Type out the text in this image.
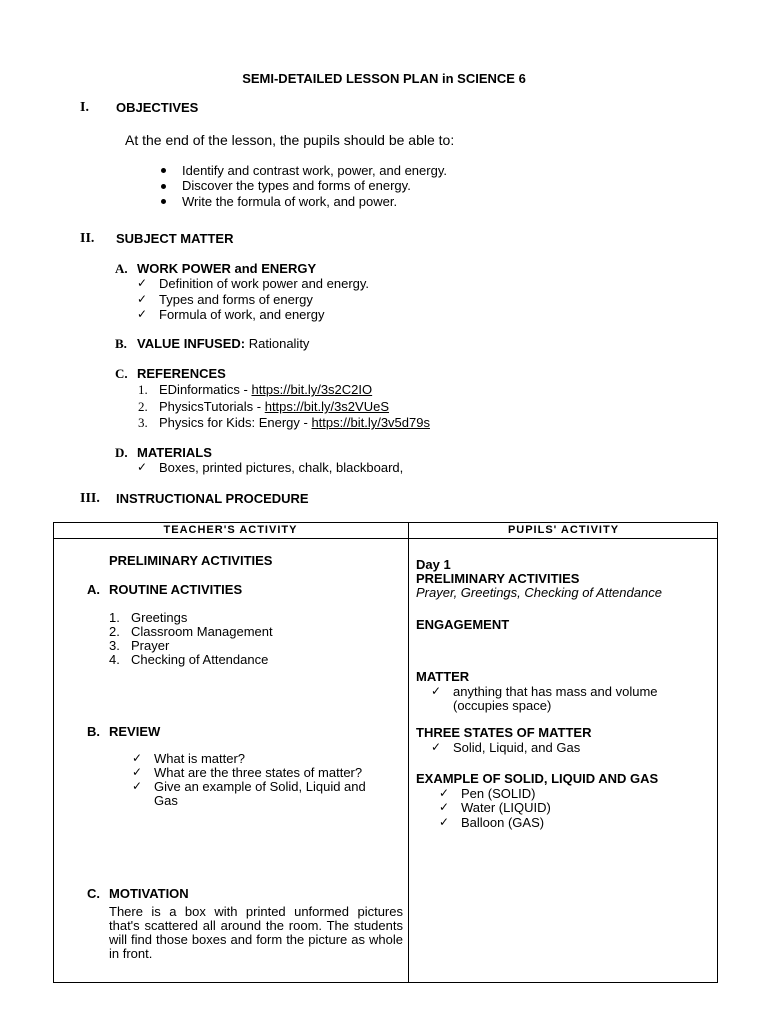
SEMI-DETAILED LESSON PLAN in SCIENCE 6
I. OBJECTIVES
At the end of the lesson, the pupils should be able to:
Identify and contrast work, power, and energy.
Discover the types and forms of energy.
Write the formula of work, and power.
II. SUBJECT MATTER
A. WORK POWER and ENERGY
✓ Definition of work power and energy.
✓ Types and forms of energy
✓ Formula of work, and energy
B. VALUE INFUSED: Rationality
C. REFERENCES
1. EDinformatics - https://bit.ly/3s2C2IO
2. PhysicsTutorials - https://bit.ly/3s2VUeS
3. Physics for Kids: Energy - https://bit.ly/3v5d79s
D. MATERIALS
✓ Boxes, printed pictures, chalk, blackboard,
III. INSTRUCTIONAL PROCEDURE
TEACHER'S ACTIVITY	PUPILS' ACTIVITY
PRELIMINARY ACTIVITIES
A. ROUTINE ACTIVITIES
1. Greetings
2. Classroom Management
3. Prayer
4. Checking of Attendance
B. REVIEW
✓ What is matter?
✓ What are the three states of matter?
✓ Give an example of Solid, Liquid and
Gas
C. MOTIVATION
There is a box with printed unformed pictures that's scattered all around the room. The students will find those boxes and form the picture as whole in front.
Day 1
PRELIMINARY ACTIVITIES
Prayer, Greetings, Checking of Attendance
ENGAGEMENT
MATTER
✓ anything that has mass and volume
(occupies space)
THREE STATES OF MATTER
✓ Solid, Liquid, and Gas
EXAMPLE OF SOLID, LIQUID AND GAS
✓ Pen (SOLID)
✓ Water (LIQUID)
✓ Balloon (GAS)
